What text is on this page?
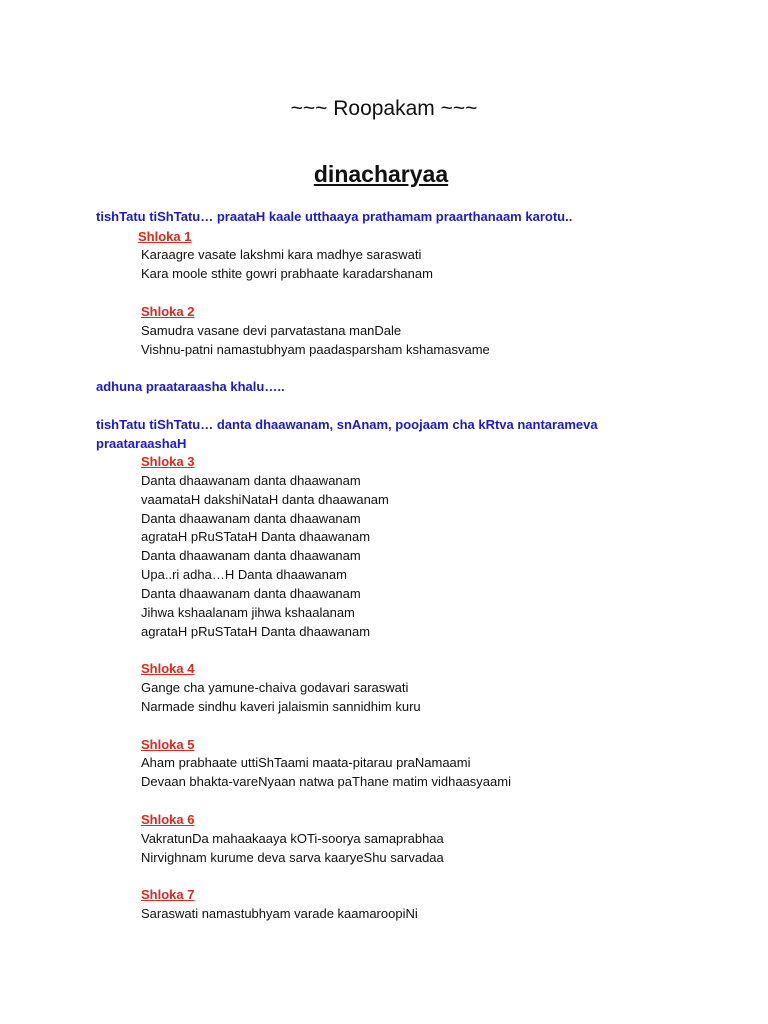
~~~ Roopakam ~~~
dinacharyaa
tishTatu tiShTatu… praataH kaale utthaaya prathamam praarthanaam karotu..
Shloka 1
Karaagre vasate lakshmi kara madhye saraswati
Kara moole sthite gowri prabhaate karadarshanam
Shloka 2
Samudra vasane devi parvatastana manDale
Vishnu-patni namastubhyam paadasparsham kshamasvame
adhuna praataraasha khalu…..
tishTatu tiShTatu… danta dhaawanam, snAnam, poojaam cha kRtva nantarameva praataraashaH
Shloka 3
Danta dhaawanam danta dhaawanam
vaamataH dakshiNataH danta dhaawanam
Danta dhaawanam danta dhaawanam
agrataH pRuSTataH Danta dhaawanam
Danta dhaawanam danta dhaawanam
Upa..ri adha…H Danta dhaawanam
Danta dhaawanam danta dhaawanam
Jihwa kshaalanam jihwa kshaalanam
agrataH pRuSTataH Danta dhaawanam
Shloka 4
Gange cha yamune-chaiva godavari saraswati
Narmade sindhu kaveri jalaismin sannidhim kuru
Shloka 5
Aham prabhaate uttiShTaami maata-pitarau praNamaami
Devaan bhakta-vareNyaan natwa paThane matim vidhaasyaami
Shloka 6
VakratunDa mahaakaaya kOTi-soorya samaprabhaa
Nirvighnam kurume deva sarva kaaryeShu sarvadaa
Shloka 7
Saraswati namastubhyam varade kaamaroopiNi
